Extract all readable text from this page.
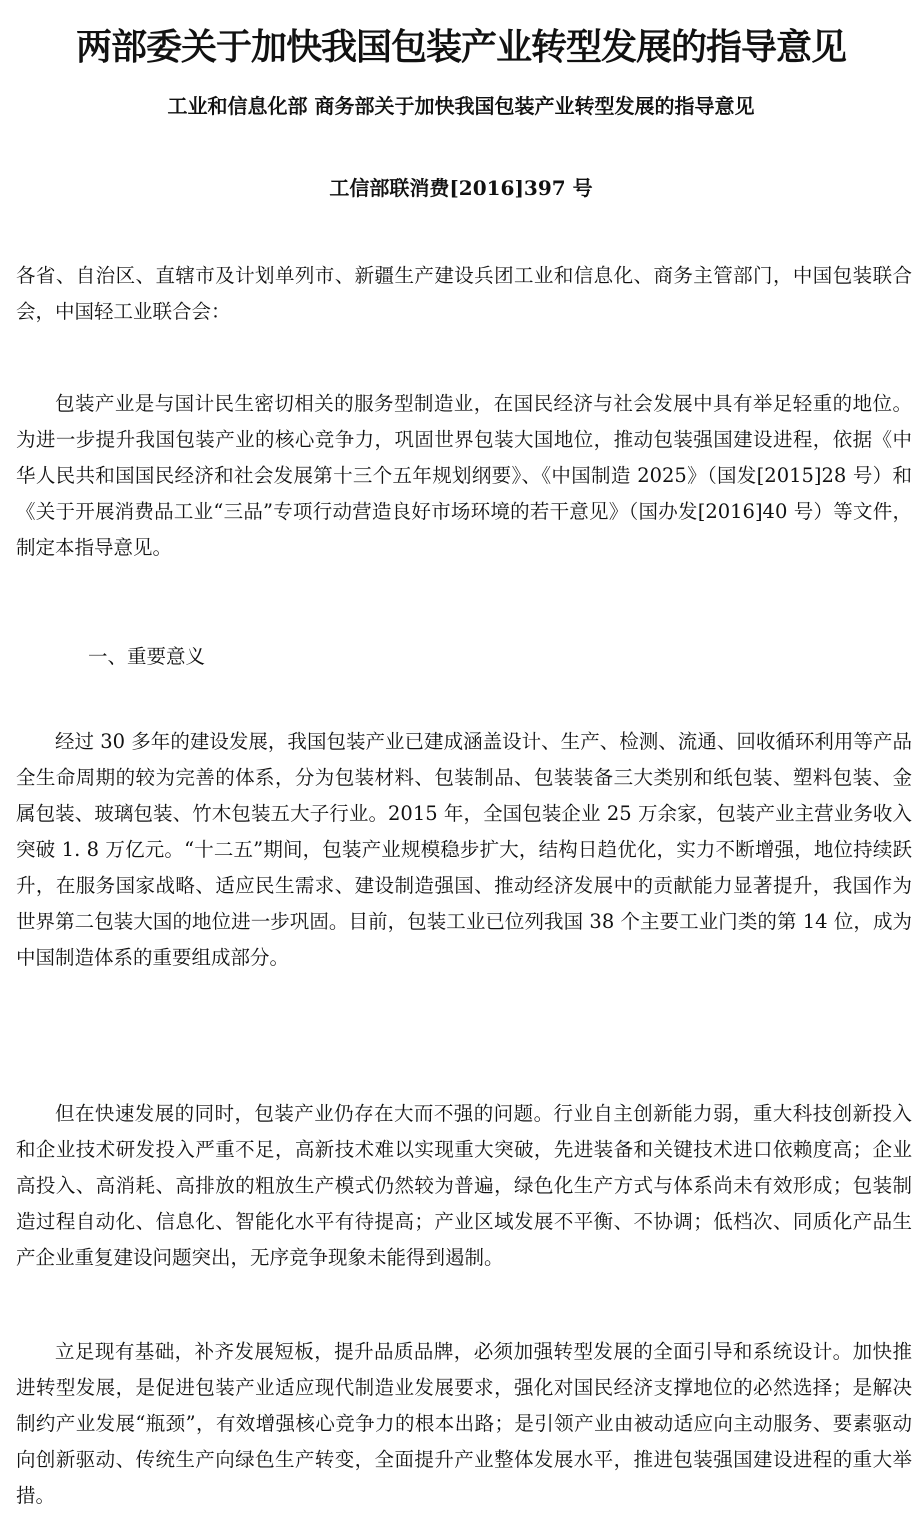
两部委关于加快我国包装产业转型发展的指导意见
工业和信息化部 商务部关于加快我国包装产业转型发展的指导意见
工信部联消费[2016]397 号

各省、自治区、直辖市及计划单列市、新疆生产建设兵团工业和信息化、商务主管部门，中国包装联合会，中国轻工业联合会：

包装产业是与国计民生密切相关的服务型制造业，在国民经济与社会发展中具有举足轻重的地位。为进一步提升我国包装产业的核心竞争力，巩固世界包装大国地位，推动包装强国建设进程，依据《中华人民共和国国民经济和社会发展第十三个五年规划纲要》、《中国制造 2025》（国发[2015]28 号）和《关于开展消费品工业“三品”专项行动营造良好市场环境的若干意见》（国办发[2016]40 号）等文件，制定本指导意见。

一、重要意义

经过 30 多年的建设发展，我国包装产业已建成涵盖设计、生产、检测、流通、回收循环利用等产品全生命周期的较为完善的体系，分为包装材料、包装制品、包装装备三大类别和纸包装、塑料包装、金属包装、玻璃包装、竹木包装五大子行业。2015 年，全国包装企业 25 万余家，包装产业主营业务收入突破 1. 8 万亿元。“十二五”期间，包装产业规模稳步扩大，结构日趋优化，实力不断增强，地位持续跃升，在服务国家战略、适应民生需求、建设制造强国、推动经济发展中的贡献能力显著提升，我国作为世界第二包装大国的地位进一步巩固。目前，包装工业已位列我国 38 个主要工业门类的第 14 位，成为中国制造体系的重要组成部分。

但在快速发展的同时，包装产业仍存在大而不强的问题。行业自主创新能力弱，重大科技创新投入和企业技术研发投入严重不足，高新技术难以实现重大突破，先进装备和关键技术进口依赖度高；企业高投入、高消耗、高排放的粗放生产模式仍然较为普遍，绿色化生产方式与体系尚未有效形成；包装制造过程自动化、信息化、智能化水平有待提高；产业区域发展不平衡、不协调；低档次、同质化产品生产企业重复建设问题突出，无序竞争现象未能得到遏制。

立足现有基础，补齐发展短板，提升品质品牌，必须加强转型发展的全面引导和系统设计。加快推进转型发展，是促进包装产业适应现代制造业发展要求，强化对国民经济支撑地位的必然选择；是解决制约产业发展“瓶颈”，有效增强核心竞争力的根本出路；是引领产业由被动适应向主动服务、要素驱动向创新驱动、传统生产向绿色生产转变，全面提升产业整体发展水平，推进包装强国建设进程的重大举措。
